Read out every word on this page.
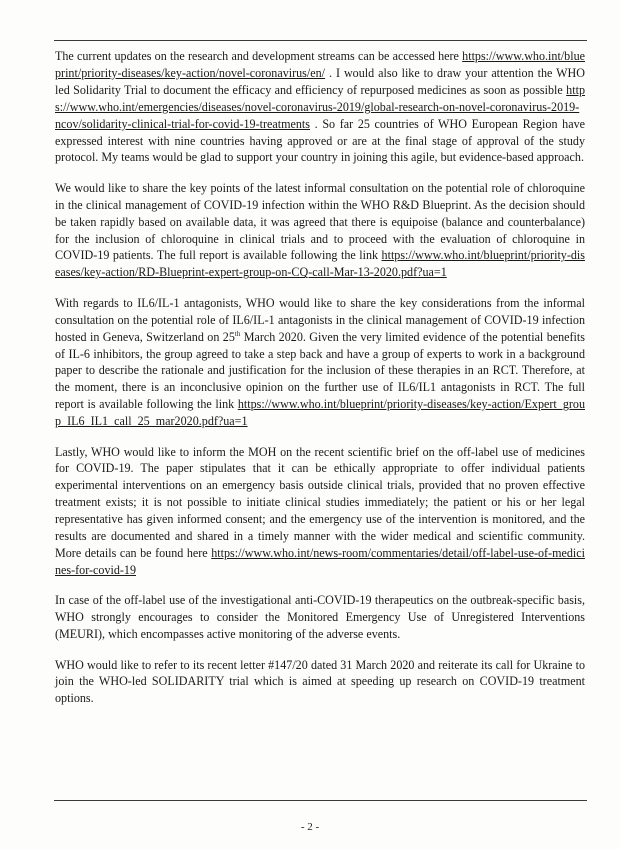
The current updates on the research and development streams can be accessed here https://www.who.int/blueprint/priority-diseases/key-action/novel-coronavirus/en/ . I would also like to draw your attention the WHO led Solidarity Trial to document the efficacy and efficiency of repurposed medicines as soon as possible https://www.who.int/emergencies/diseases/novel-coronavirus-2019/global-research-on-novel-coronavirus-2019-ncov/solidarity-clinical-trial-for-covid-19-treatments . So far 25 countries of WHO European Region have expressed interest with nine countries having approved or are at the final stage of approval of the study protocol. My teams would be glad to support your country in joining this agile, but evidence-based approach.

We would like to share the key points of the latest informal consultation on the potential role of chloroquine in the clinical management of COVID-19 infection within the WHO R&D Blueprint. As the decision should be taken rapidly based on available data, it was agreed that there is equipoise (balance and counterbalance) for the inclusion of chloroquine in clinical trials and to proceed with the evaluation of chloroquine in COVID-19 patients. The full report is available following the link https://www.who.int/blueprint/priority-diseases/key-action/RD-Blueprint-expert-group-on-CQ-call-Mar-13-2020.pdf?ua=1

With regards to IL6/IL-1 antagonists, WHO would like to share the key considerations from the informal consultation on the potential role of IL6/IL-1 antagonists in the clinical management of COVID-19 infection hosted in Geneva, Switzerland on 25th March 2020. Given the very limited evidence of the potential benefits of IL-6 inhibitors, the group agreed to take a step back and have a group of experts to work in a background paper to describe the rationale and justification for the inclusion of these therapies in an RCT. Therefore, at the moment, there is an inconclusive opinion on the further use of IL6/IL1 antagonists in RCT. The full report is available following the link https://www.who.int/blueprint/priority-diseases/key-action/Expert_group_IL6_IL1_call_25_mar2020.pdf?ua=1

Lastly, WHO would like to inform the MOH on the recent scientific brief on the off-label use of medicines for COVID-19. The paper stipulates that it can be ethically appropriate to offer individual patients experimental interventions on an emergency basis outside clinical trials, provided that no proven effective treatment exists; it is not possible to initiate clinical studies immediately; the patient or his or her legal representative has given informed consent; and the emergency use of the intervention is monitored, and the results are documented and shared in a timely manner with the wider medical and scientific community. More details can be found here https://www.who.int/news-room/commentaries/detail/off-label-use-of-medicines-for-covid-19

In case of the off-label use of the investigational anti-COVID-19 therapeutics on the outbreak-specific basis, WHO strongly encourages to consider the Monitored Emergency Use of Unregistered Interventions (MEURI), which encompasses active monitoring of the adverse events.

WHO would like to refer to its recent letter #147/20 dated 31 March 2020 and reiterate its call for Ukraine to join the WHO-led SOLIDARITY trial which is aimed at speeding up research on COVID-19 treatment options.

- 2 -
